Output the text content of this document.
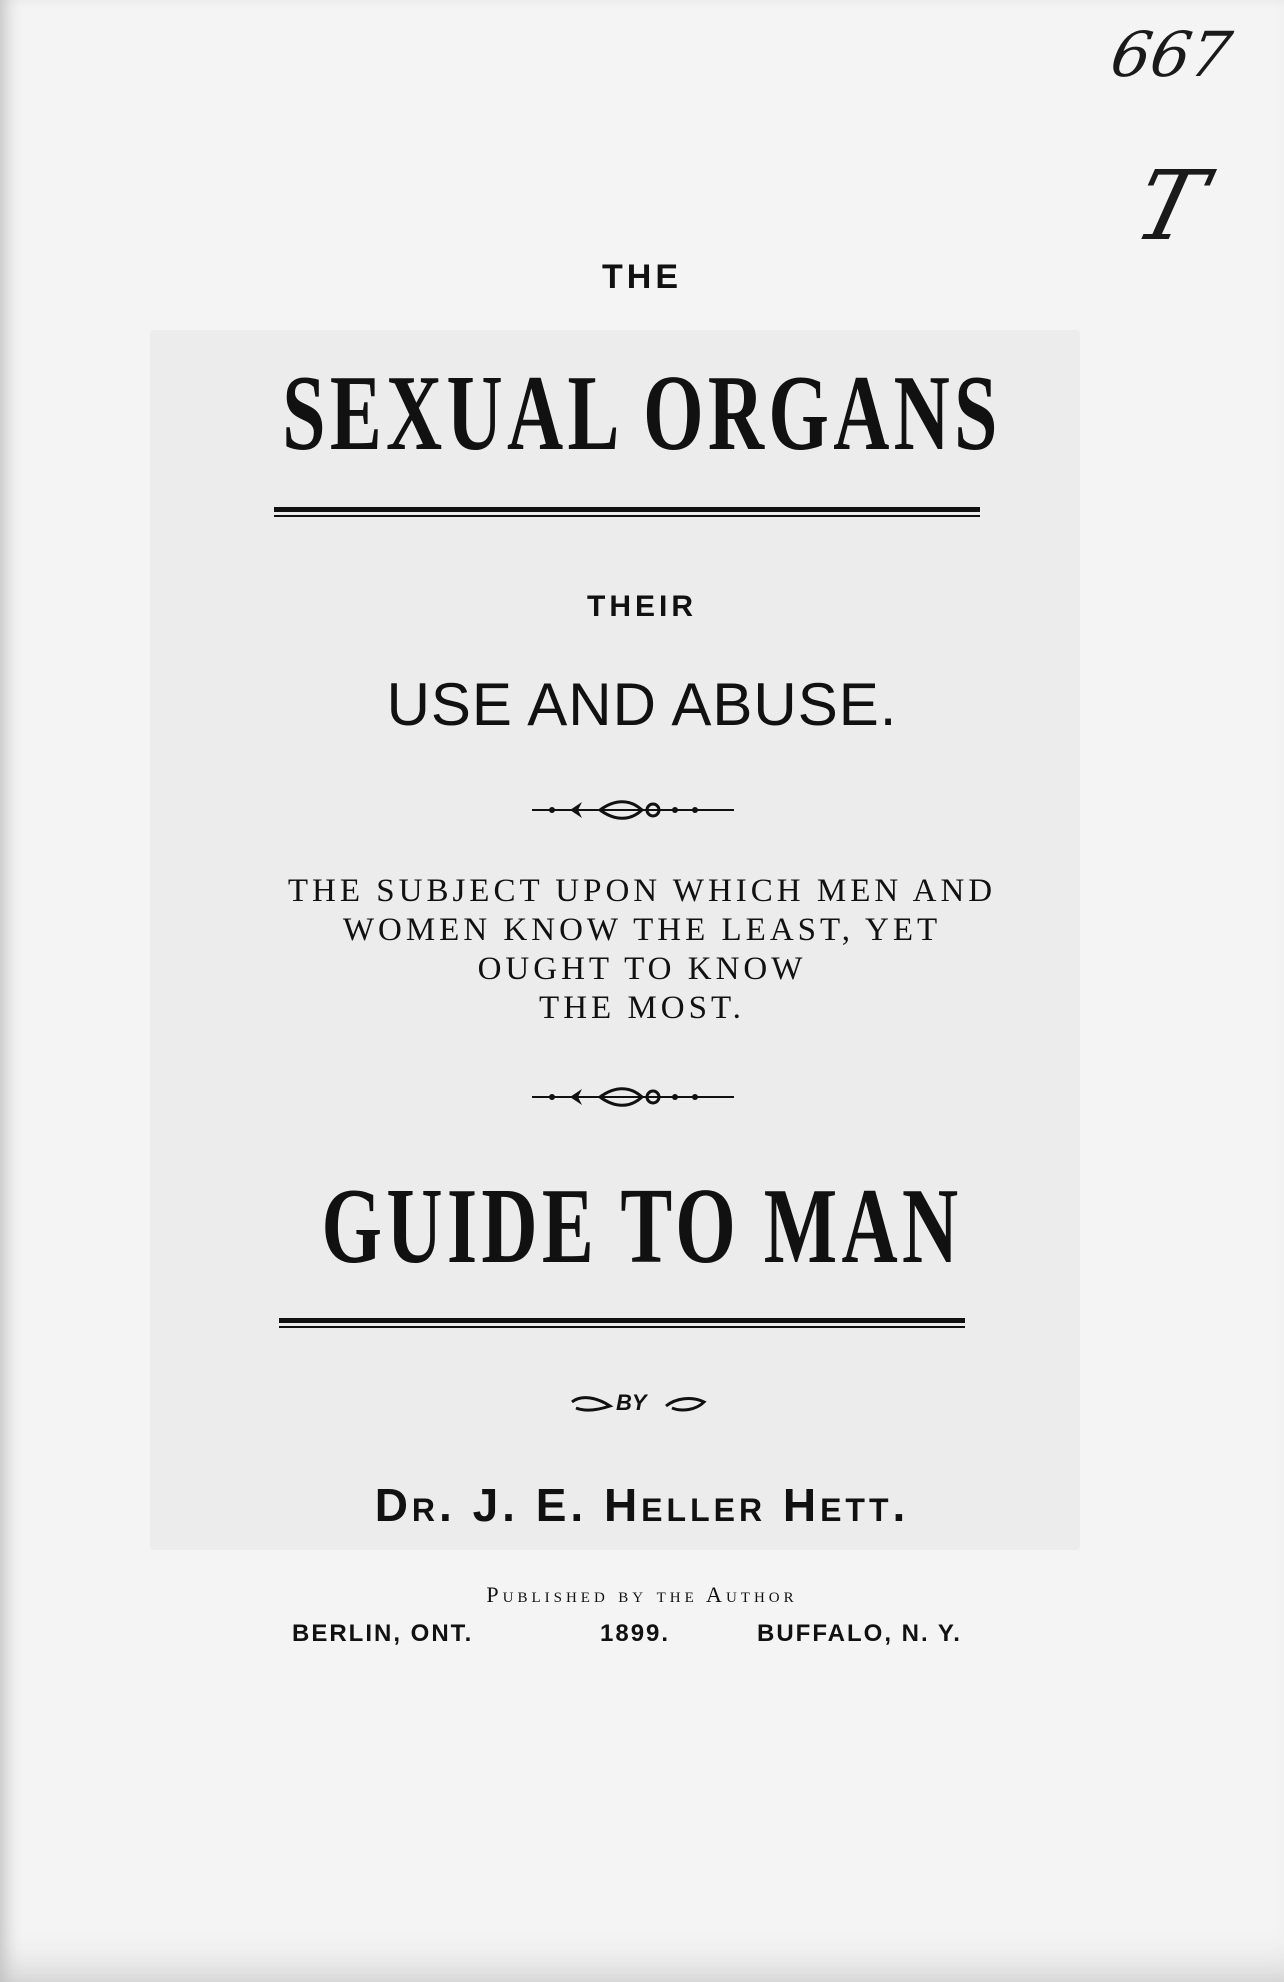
667
T
THE
SEXUAL ORGANS
THEIR
USE AND ABUSE.
THE SUBJECT UPON WHICH MEN AND
WOMEN KNOW THE LEAST, YET
OUGHT TO KNOW
THE MOST.
GUIDE TO MAN
BY
Dr. J. E. Heller Hett.
Published by the Author
BERLIN, ONT.	1899.	BUFFALO, N. Y.
